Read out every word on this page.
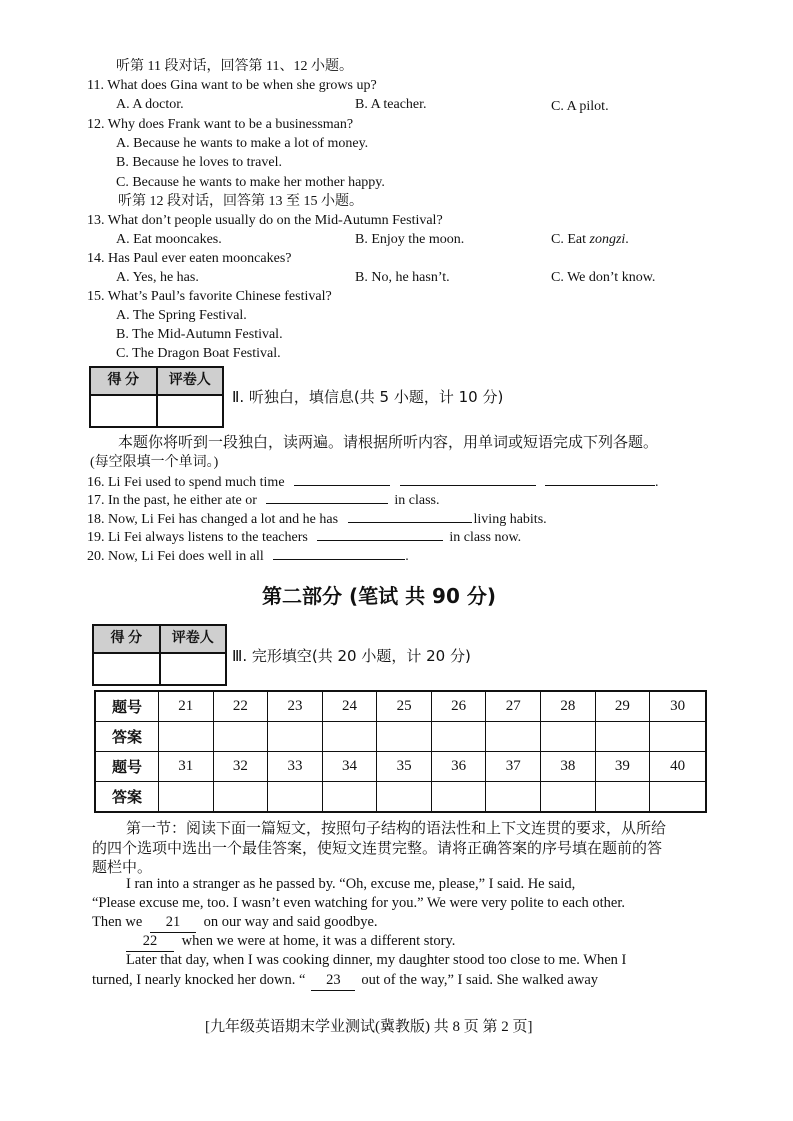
听第 11 段对话，回答第 11、12 小题。
11. What does Gina want to be when she grows up?
A. A doctor.	B. A teacher.	C. A pilot.
12. Why does Frank want to be a businessman?
A. Because he wants to make a lot of money.
B. Because he loves to travel.
C. Because he wants to make her mother happy.
听第 12 段对话，回答第 13 至 15 小题。
13. What don’t people usually do on the Mid-Autumn Festival?
A. Eat mooncakes.	B. Enjoy the moon.	C. Eat zongzi.
14. Has Paul ever eaten mooncakes?
A. Yes, he has.	B. No, he hasn’t.	C. We don’t know.
15. What’s Paul’s favorite Chinese festival?
A. The Spring Festival.
B. The Mid-Autumn Festival.
C. The Dragon Boat Festival.
得 分	评卷人
Ⅱ. 听独白，填信息(共 5 小题，计 10 分)
本题你将听到一段独白，读两遍。请根据所听内容，用单词或短语完成下列各题。
(每空限填一个单词。)
16. Li Fei used to spend much time	.
17. In the past, he either ate or	in class.
18. Now, Li Fei has changed a lot and he has	living habits.
19. Li Fei always listens to the teachers	in class now.
20. Now, Li Fei does well in all	.
第二部分 (笔试 共 90 分)
得 分	评卷人
Ⅲ. 完形填空(共 20 小题，计 20 分)
题号	21	22	23	24	25	26	27	28	29	30
答案										
题号	31	32	33	34	35	36	37	38	39	40
答案										
第一节：阅读下面一篇短文，按照句子结构的语法性和上下文连贯的要求，从所给
的四个选项中选出一个最佳答案，使短文连贯完整。请将正确答案的序号填在题前的答
题栏中。
I ran into a stranger as he passed by. “Oh, excuse me, please,” I said. He said,
“Please excuse me, too. I wasn’t even watching for you.” We were very polite to each other.
Then we 21 on our way and said goodbye.
22 when we were at home, it was a different story.
Later that day, when I was cooking dinner, my daughter stood too close to me. When I
turned, I nearly knocked her down. “ 23 out of the way,” I said. She walked away
[九年级英语期末学业测试(冀教版) 共 8 页 第 2 页]
